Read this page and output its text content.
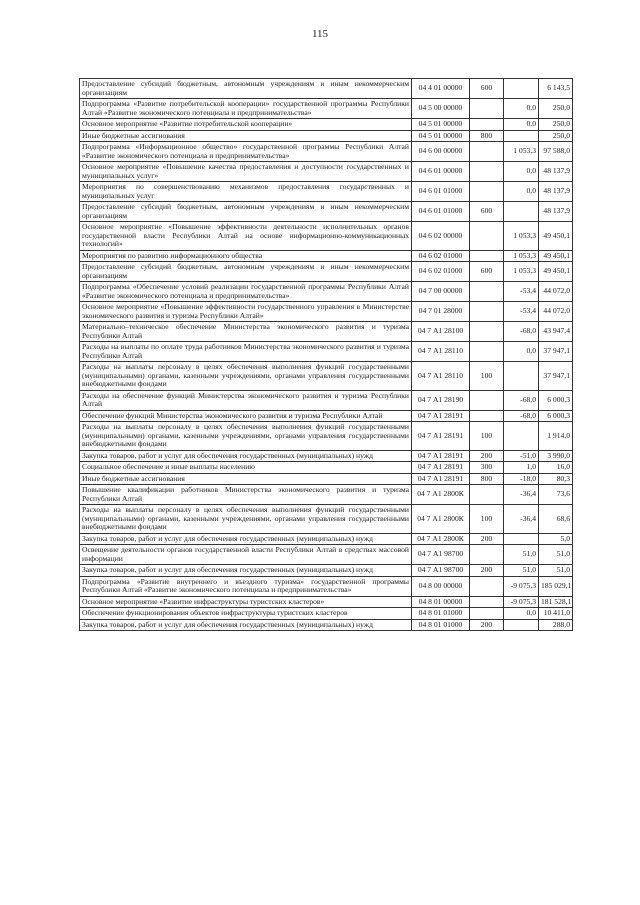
115
Предоставление субсидий бюджетным, автономным учреждениям и иным некоммерческим организациям	04 4 01 00000	600		6 143,5
Подпрограмма «Развитие потребительской кооперации» государственной программы Республики Алтай «Развитие экономического потенциала и предпринимательства»	04 5 00 00000		0,0	250,0
Основное мероприятие «Развитие потребительской кооперации»	04 5 01 00000		0,0	250,0
Иные бюджетные ассигнования	04 5 01 00000	800		250,0
Подпрограмма «Информационное общество» государственной программы Республики Алтай «Развитие экономического потенциала и предпринимательства»	04 6 00 00000		1 053,3	97 588,0
Основное мероприятие «Повышение качества предоставления и доступности государственных и муниципальных услуг»	04 6 01 00000		0,0	48 137,9
Мероприятия по совершенствованию механизмов предоставления государственных и муниципальных услуг	04 6 01 01000		0,0	48 137,9
Предоставление субсидий бюджетным, автономным учреждениям и иным некоммерческим организациям	04 6 01 01000	600		48 137,9
Основное мероприятие «Повышение эффективности деятельности исполнительных органов государственной власти Республики Алтай на основе информационно-коммуникационных технологий»	04 6 02 00000		1 053,3	49 450,1
Мероприятия по развитию информационного общества	04 6 02 01000		1 053,3	49 450,1
Предоставление субсидий бюджетным, автономным учреждениям и иным некоммерческим организациям	04 6 02 01000	600	1 053,3	49 450,1
Подпрограмма «Обеспечение условий реализации государственной программы Республики Алтай «Развитие экономического потенциала и предпринимательства»	04 7 00 00000		-53,4	44 072,0
Основное мероприятие «Повышение эффективности государственного управления в Министерстве экономического развития и туризма Республики Алтай»	04 7 01 28000		-53,4	44 072,0
Материально–техническое обеспечение Министерства экономического развития и туризма Республики Алтай	04 7 А1 28100		-68,0	43 947,4
Расходы на выплаты по оплате труда работников Министерства экономического развития и туризма Республики Алтай	04 7 А1 28110		0,0	37 947,1
Расходы на выплаты персоналу в целях обеспечения выполнения функций государственными (муниципальными) органами, казенными учреждениями, органами управления государственными внебюджетными фондами	04 7 А1 28110	100		37 947,1
Расходы на обеспечение функций Министерства экономического развития и туризма Республики Алтай	04 7 А1 28190		-68,0	6 000,3
Обеспечение функций Министерства экономического развития и туризма Республики Алтай	04 7 А1 28191		-68,0	6 000,3
Расходы на выплаты персоналу в целях обеспечения выполнения функций государственными (муниципальными) органами, казенными учреждениями, органами управления государственными внебюджетными фондами	04 7 А1 28191	100		1 914,0
Закупка товаров, работ и услуг для обеспечения государственных (муниципальных) нужд	04 7 А1 28191	200	-51,0	3 990,0
Социальное обеспечение и иные выплаты населению	04 7 А1 28191	300	1,0	16,0
Иные бюджетные ассигнования	04 7 А1 28191	800	-18,0	80,3
Повышение квалификации работников Министерства экономического развития и туризма Республики Алтай	04 7 А1 2800К		-36,4	73,6
Расходы на выплаты персоналу в целях обеспечения выполнения функций государственными (муниципальными) органами, казенными учреждениями, органами управления государственными внебюджетными фондами	04 7 А1 2800К	100	-36,4	68,6
Закупка товаров, работ и услуг для обеспечения государственных (муниципальных) нужд	04 7 А1 2800К	200		5,0
Освещение деятельности органов государственной власти Республики Алтай в средствах массовой информации	04 7 А1 98700		51,0	51,0
Закупка товаров, работ и услуг для обеспечения государственных (муниципальных) нужд	04 7 А1 98700	200	51,0	51,0
Подпрограмма «Развитие внутреннего и въездного туризма» государственной программы Республики Алтай «Развитие экономического потенциала и предпринимательства»	04 8 00 00000		-9 075,3	185 029,1
Основное мероприятие «Развитие инфраструктуры туристских кластеров»	04 8 01 00000		-9 075,3	181 528,1
Обеспечение функционирования объектов инфраструктуры туристских кластеров	04 8 01 01000		0,0	10 411,0
Закупка товаров, работ и услуг для обеспечения государственных (муниципальных) нужд	04 8 01 01000	200		288,0
